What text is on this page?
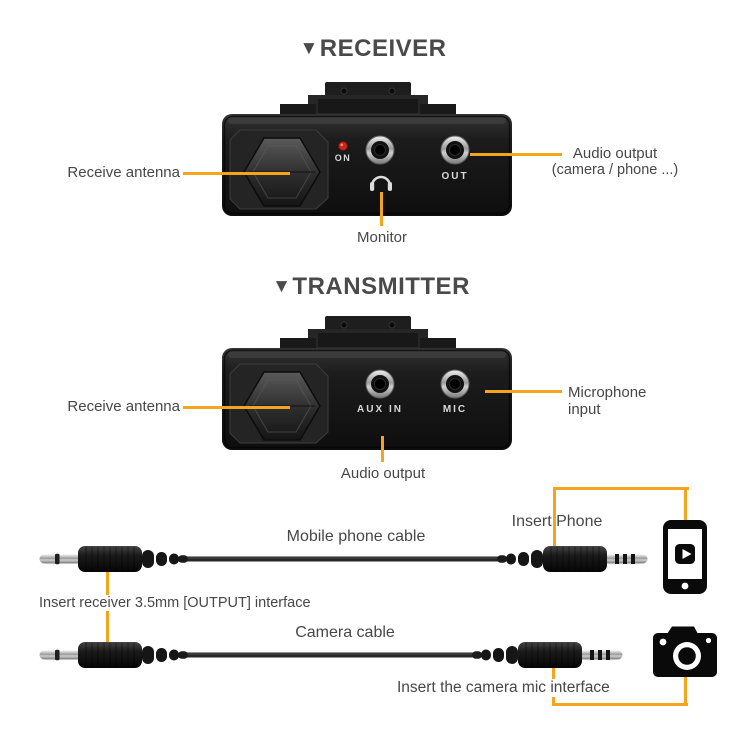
▼RECEIVER
ON
OUT
Receive antenna
Audio output
(camera / phone ...)
Monitor
▼TRANSMITTER
AUX IN	MIC
Receive antenna
Microphone
input
Audio output
Mobile phone cable
Insert Phone
Insert receiver 3.5mm [OUTPUT] interface
Camera cable
Insert the camera mic interface
